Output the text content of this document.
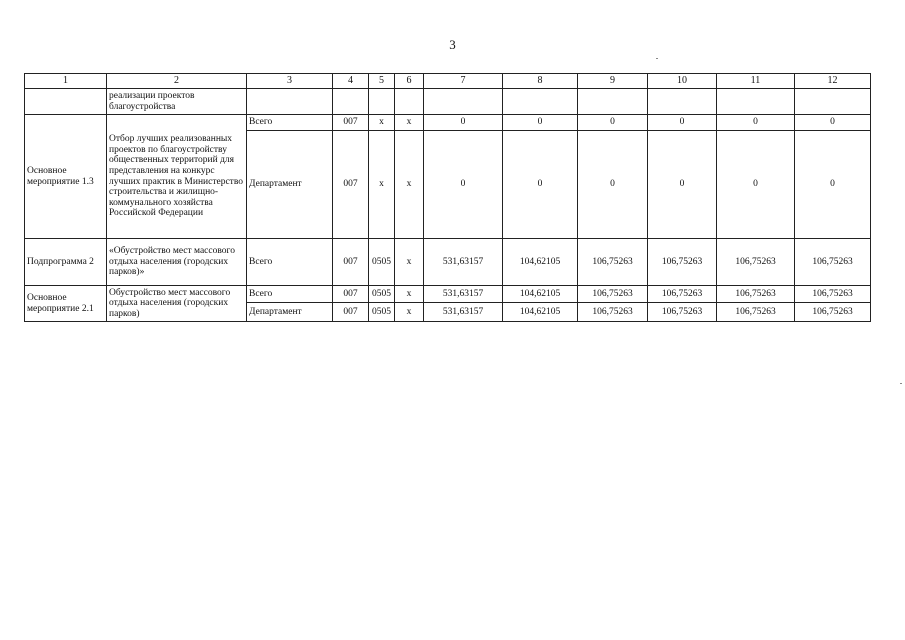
3
1	2	3	4	5	6	7	8	9	10	11	12
	реализации проектов благоустройства										
Основное мероприятие 1.3	Отбор лучших реализованных проектов по благоустройству общественных территорий для представления на конкурс лучших практик в Министерство строительства и жилищно-коммунального хозяйства Российской Федерации	Всего	007	x	x	0	0	0	0	0	0
		Департамент	007	x	x	0	0	0	0	0	0
Подпрограмма 2	«Обустройство мест массового отдыха населения (городских парков)»	Всего	007	0505	x	531,63157	104,62105	106,75263	106,75263	106,75263	106,75263
Основное мероприятие 2.1	Обустройство мест массового отдыха населения (городских парков)	Всего	007	0505	x	531,63157	104,62105	106,75263	106,75263	106,75263	106,75263
		Департамент	007	0505	x	531,63157	104,62105	106,75263	106,75263	106,75263	106,75263
